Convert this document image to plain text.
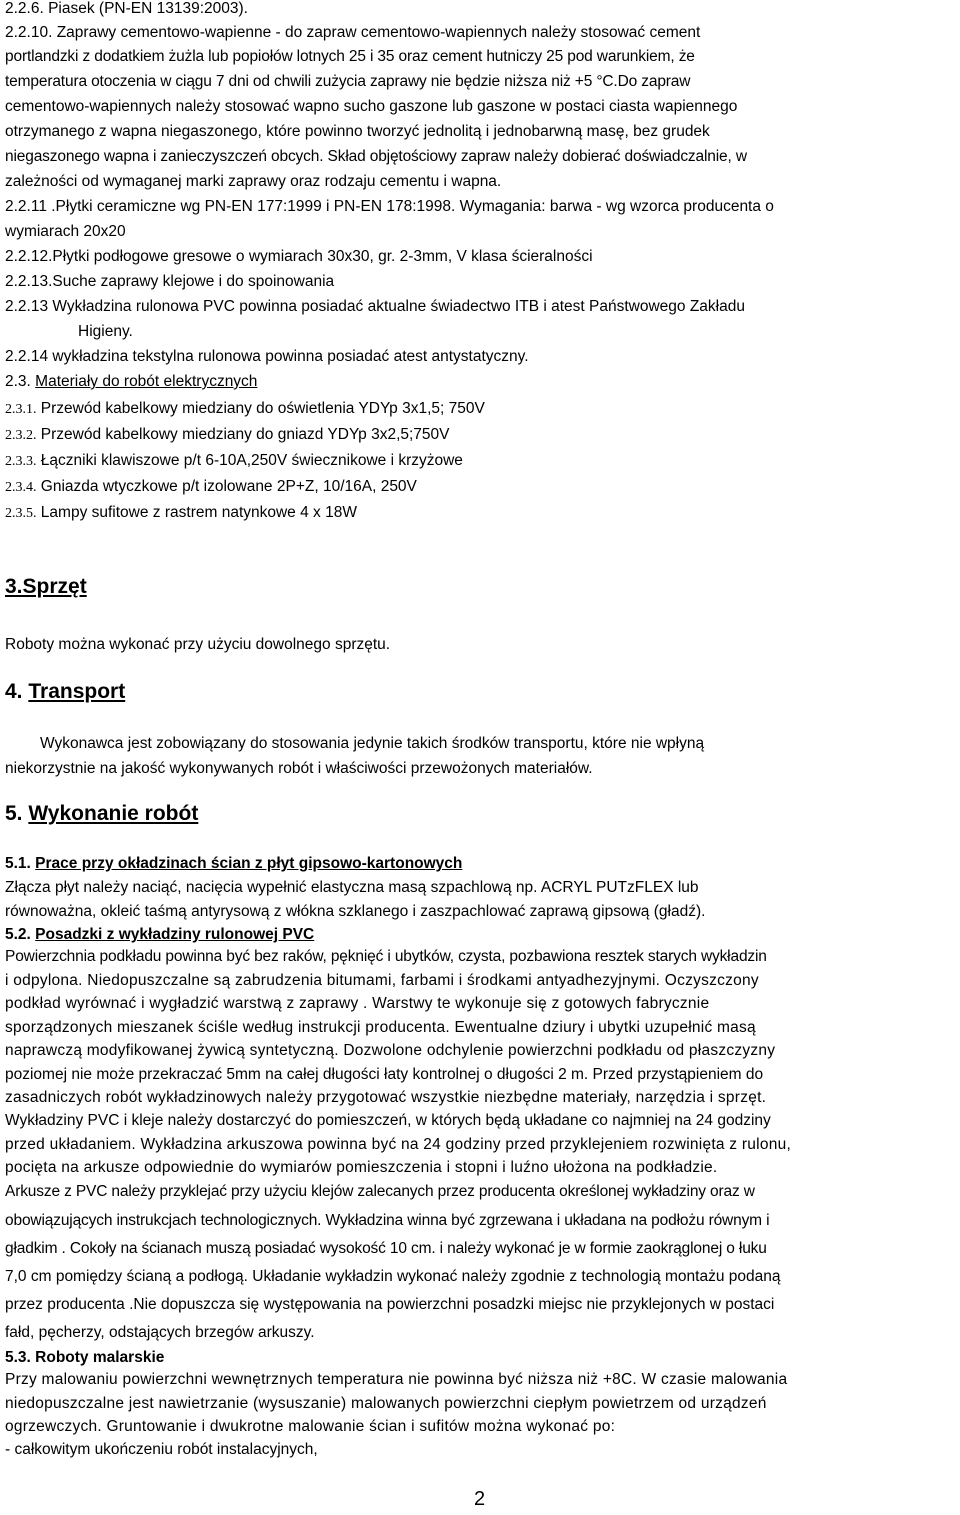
2.2.6. Piasek (PN-EN 13139:2003).
2.2.10. Zaprawy cementowo-wapienne - do zapraw cementowo-wapiennych należy stosować cement
portlandzki z dodatkiem żużla lub popiołów lotnych 25 i 35 oraz cement hutniczy 25 pod warunkiem, że
temperatura otoczenia w ciągu 7 dni od chwili zużycia zaprawy nie będzie niższa niż +5 °C.Do zapraw
cementowo-wapiennych należy stosować wapno sucho gaszone lub gaszone w postaci ciasta wapiennego
otrzymanego z wapna niegaszonego, które powinno tworzyć jednolitą i jednobarwną masę, bez grudek
niegaszonego wapna i zanieczyszczeń obcych. Skład objętościowy zapraw należy dobierać doświadczalnie, w
zależności od wymaganej marki zaprawy oraz rodzaju cementu i wapna.
2.2.11 .Płytki ceramiczne wg PN-EN 177:1999 i PN-EN 178:1998. Wymagania: barwa - wg wzorca producenta o
wymiarach 20x20
2.2.12.Płytki podłogowe gresowe o wymiarach 30x30, gr. 2-3mm, V klasa ścieralności
2.2.13.Suche zaprawy klejowe i do spoinowania
2.2.13 Wykładzina rulonowa PVC powinna posiadać aktualne świadectwo ITB i atest Państwowego Zakładu
Higieny.
2.2.14 wykładzina tekstylna rulonowa powinna posiadać atest antystatyczny.
2.3. Materiały do robót elektrycznych
2.3.1. Przewód kabelkowy miedziany do oświetlenia YDYp 3x1,5; 750V
2.3.2. Przewód kabelkowy miedziany do gniazd YDYp 3x2,5;750V
2.3.3. Łączniki klawiszowe p/t 6-10A,250V świecznikowe i krzyżowe
2.3.4. Gniazda wtyczkowe p/t izolowane 2P+Z, 10/16A, 250V
2.3.5. Lampy sufitowe z rastrem natynkowe 4 x 18W
3.Sprzęt
Roboty można wykonać przy użyciu dowolnego sprzętu.
4. Transport
Wykonawca jest zobowiązany do stosowania jedynie takich środków transportu, które nie wpłyną
niekorzystnie na jakość wykonywanych robót i właściwości przewożonych materiałów.
5. Wykonanie robót
5.1. Prace przy okładzinach ścian z płyt gipsowo-kartonowych
Złącza płyt należy naciąć, nacięcia wypełnić elastyczna masą szpachlową np. ACRYL PUTzFLEX lub
równoważna, okleić taśmą antyrysową z włókna szklanego i zaszpachlować zaprawą gipsową (gładź).
5.2. Posadzki z wykładziny rulonowej PVC
Powierzchnia podkładu powinna być bez raków, pęknięć i ubytków, czysta, pozbawiona resztek starych wykładzin
i odpylona. Niedopuszczalne są zabrudzenia bitumami, farbami i środkami antyadhezyjnymi. Oczyszczony
podkład wyrównać i wygładzić warstwą z zaprawy . Warstwy te wykonuje się z gotowych fabrycznie
sporządzonych mieszanek ściśle według instrukcji producenta. Ewentualne dziury i ubytki uzupełnić masą
naprawczą modyfikowanej żywicą syntetyczną. Dozwolone odchylenie powierzchni podkładu od płaszczyzny
poziomej nie może przekraczać 5mm na całej długości łaty kontrolnej o długości 2 m. Przed przystąpieniem do
zasadniczych robót wykładzinowych należy przygotować wszystkie niezbędne materiały, narzędzia i sprzęt.
Wykładziny PVC i kleje należy dostarczyć do pomieszczeń, w których będą układane co najmniej na 24 godziny
przed układaniem. Wykładzina arkuszowa powinna być na 24 godziny przed przyklejeniem rozwinięta z rulonu,
pocięta na arkusze odpowiednie do wymiarów pomieszczenia i stopni i luźno ułożona na podkładzie.
Arkusze z PVC należy przyklejać przy użyciu klejów zalecanych przez producenta określonej wykładziny oraz w
obowiązujących instrukcjach technologicznych. Wykładzina winna być zgrzewana i układana na podłożu równym i
gładkim . Cokoły na ścianach muszą posiadać wysokość 10 cm. i należy wykonać je w formie zaokrąglonej o łuku
7,0 cm pomiędzy ścianą a podłogą. Układanie wykładzin wykonać należy zgodnie z technologią montażu podaną
przez producenta .Nie dopuszcza się występowania na powierzchni posadzki miejsc nie przyklejonych w postaci
fałd, pęcherzy, odstających brzegów arkuszy.
5.3. Roboty malarskie
Przy malowaniu powierzchni wewnętrznych temperatura nie powinna być niższa niż +8C. W czasie malowania
niedopuszczalne jest nawietrzanie (wysuszanie) malowanych powierzchni ciepłym powietrzem od urządzeń
ogrzewczych. Gruntowanie i dwukrotne malowanie ścian i sufitów można wykonać po:
- całkowitym ukończeniu robót instalacyjnych,
2
